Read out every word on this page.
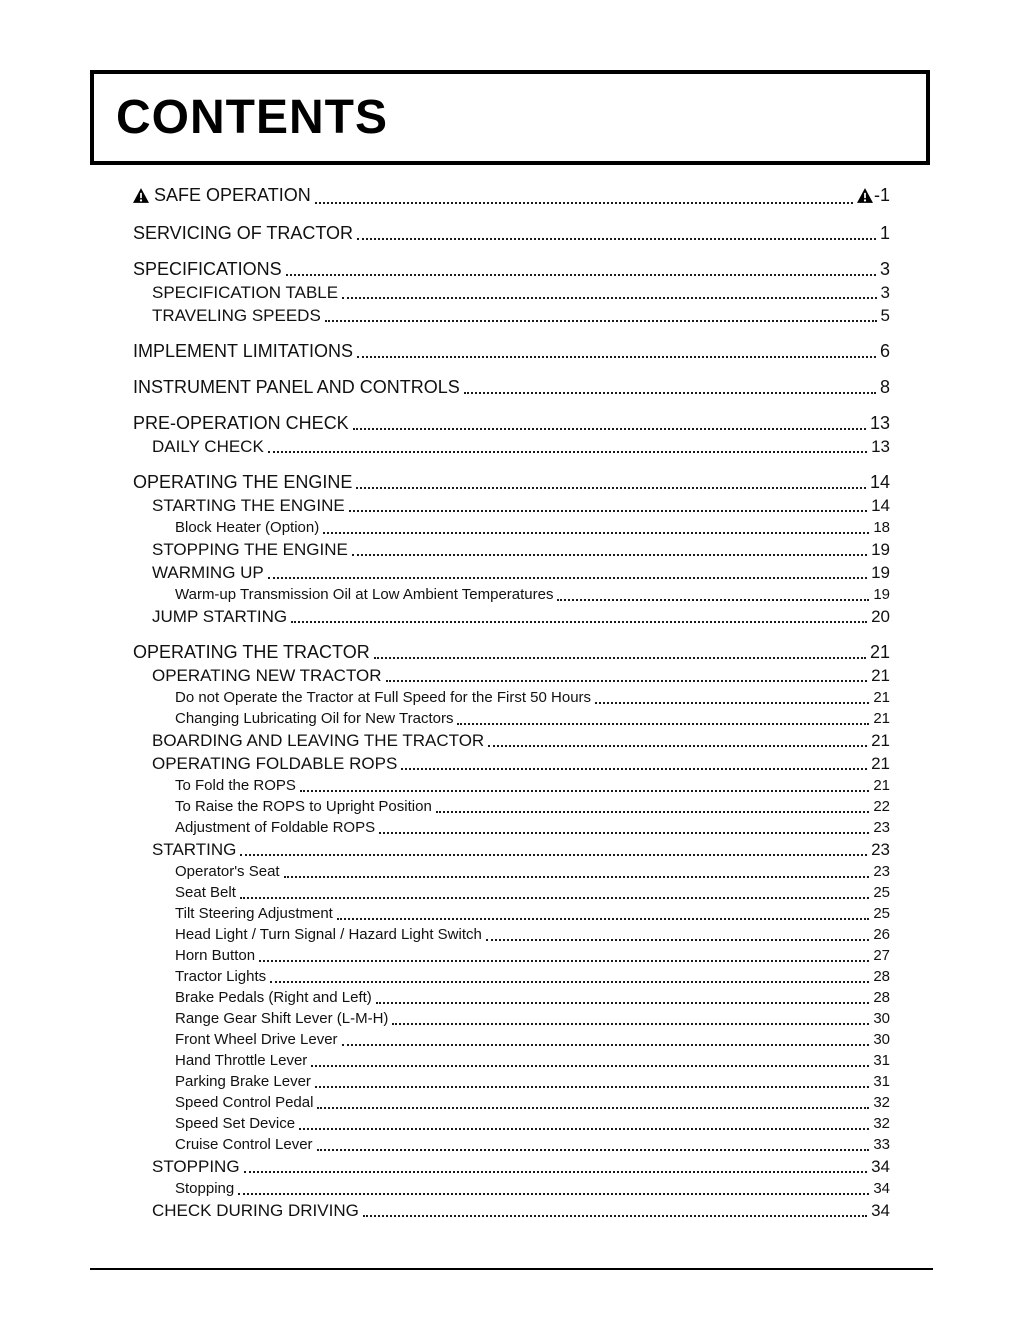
CONTENTS
SAFE OPERATION	-1
SERVICING OF TRACTOR	1
SPECIFICATIONS	3
SPECIFICATION TABLE	3
TRAVELING SPEEDS	5
IMPLEMENT LIMITATIONS	6
INSTRUMENT PANEL AND CONTROLS	8
PRE-OPERATION CHECK	13
DAILY CHECK	13
OPERATING THE ENGINE	14
STARTING THE ENGINE	14
Block Heater (Option)	18
STOPPING THE ENGINE	19
WARMING UP	19
Warm-up Transmission Oil at Low Ambient Temperatures	19
JUMP STARTING	20
OPERATING THE TRACTOR	21
OPERATING NEW TRACTOR	21
Do not Operate the Tractor at Full Speed for the First 50 Hours	21
Changing Lubricating Oil for New Tractors	21
BOARDING AND LEAVING THE TRACTOR	21
OPERATING FOLDABLE ROPS	21
To Fold the ROPS	21
To Raise the ROPS to Upright Position	22
Adjustment of Foldable ROPS	23
STARTING	23
Operator's Seat	23
Seat Belt	25
Tilt Steering Adjustment	25
Head Light / Turn Signal / Hazard Light Switch	26
Horn Button	27
Tractor Lights	28
Brake Pedals (Right and Left)	28
Range Gear Shift Lever (L-M-H)	30
Front Wheel Drive Lever	30
Hand Throttle Lever	31
Parking Brake Lever	31
Speed Control Pedal	32
Speed Set Device	32
Cruise Control Lever	33
STOPPING	34
Stopping	34
CHECK DURING DRIVING	34
